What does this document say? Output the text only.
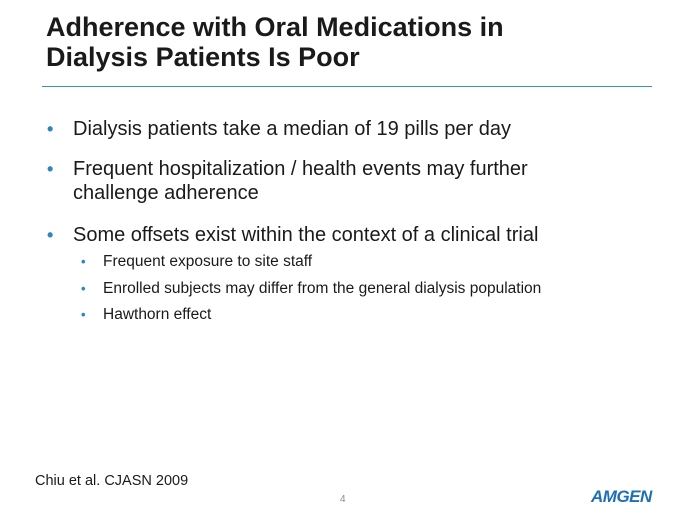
Adherence with Oral Medications in
Dialysis Patients Is Poor

• Dialysis patients take a median of 19 pills per day

• Frequent hospitalization / health events may further
challenge adherence

• Some offsets exist within the context of a clinical trial

• Frequent exposure to site staff

• Enrolled subjects may differ from the general dialysis population

• Hawthorn effect

Chiu et al. CJASN 2009
4	AMGEN
